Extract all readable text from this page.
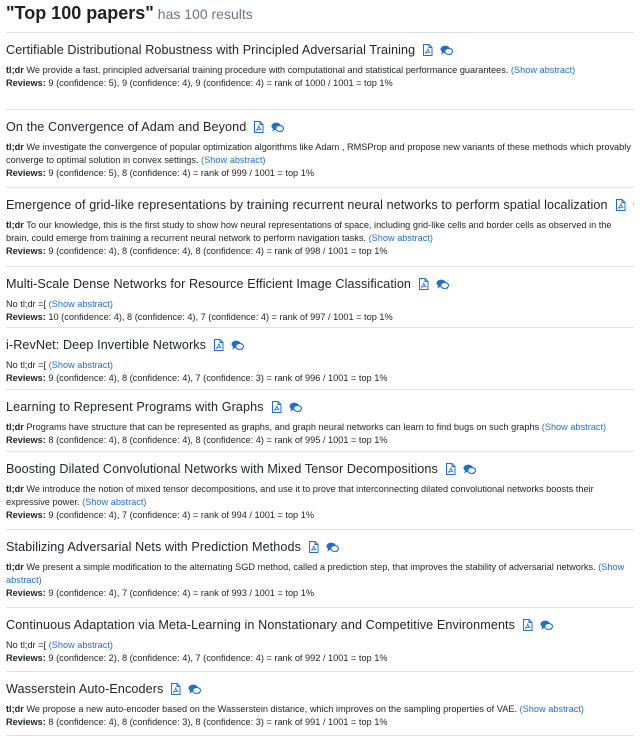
"Top 100 papers" has 100 results
Certifiable Distributional Robustness with Principled Adversarial Training
tl;dr We provide a fast, principled adversarial training procedure with computational and statistical performance guarantees. (Show abstract)
Reviews: 9 (confidence: 5), 9 (confidence: 4), 9 (confidence: 4) = rank of 1000 / 1001 = top 1%
On the Convergence of Adam and Beyond
tl;dr We investigate the convergence of popular optimization algorithms like Adam , RMSProp and propose new variants of these methods which provably converge to optimal solution in convex settings. (Show abstract)
Reviews: 9 (confidence: 5), 8 (confidence: 4) = rank of 999 / 1001 = top 1%
Emergence of grid-like representations by training recurrent neural networks to perform spatial localization
tl;dr To our knowledge, this is the first study to show how neural representations of space, including grid-like cells and border cells as observed in the brain, could emerge from training a recurrent neural network to perform navigation tasks. (Show abstract)
Reviews: 9 (confidence: 4), 8 (confidence: 4), 8 (confidence: 4) = rank of 998 / 1001 = top 1%
Multi-Scale Dense Networks for Resource Efficient Image Classification
No tl;dr =[ (Show abstract)
Reviews: 10 (confidence: 4), 8 (confidence: 4), 7 (confidence: 4) = rank of 997 / 1001 = top 1%
i-RevNet: Deep Invertible Networks
No tl;dr =[ (Show abstract)
Reviews: 9 (confidence: 4), 8 (confidence: 4), 7 (confidence: 3) = rank of 996 / 1001 = top 1%
Learning to Represent Programs with Graphs
tl;dr Programs have structure that can be represented as graphs, and graph neural networks can learn to find bugs on such graphs (Show abstract)
Reviews: 8 (confidence: 4), 8 (confidence: 4), 8 (confidence: 4) = rank of 995 / 1001 = top 1%
Boosting Dilated Convolutional Networks with Mixed Tensor Decompositions
tl;dr We introduce the notion of mixed tensor decompositions, and use it to prove that interconnecting dilated convolutional networks boosts their expressive power. (Show abstract)
Reviews: 9 (confidence: 4), 7 (confidence: 4) = rank of 994 / 1001 = top 1%
Stabilizing Adversarial Nets with Prediction Methods
tl;dr We present a simple modification to the alternating SGD method, called a prediction step, that improves the stability of adversarial networks. (Show abstract)
Reviews: 9 (confidence: 4), 7 (confidence: 4) = rank of 993 / 1001 = top 1%
Continuous Adaptation via Meta-Learning in Nonstationary and Competitive Environments
No tl;dr =[ (Show abstract)
Reviews: 9 (confidence: 2), 8 (confidence: 4), 7 (confidence: 4) = rank of 992 / 1001 = top 1%
Wasserstein Auto-Encoders
tl;dr We propose a new auto-encoder based on the Wasserstein distance, which improves on the sampling properties of VAE. (Show abstract)
Reviews: 8 (confidence: 4), 8 (confidence: 3), 8 (confidence: 3) = rank of 991 / 1001 = top 1%
